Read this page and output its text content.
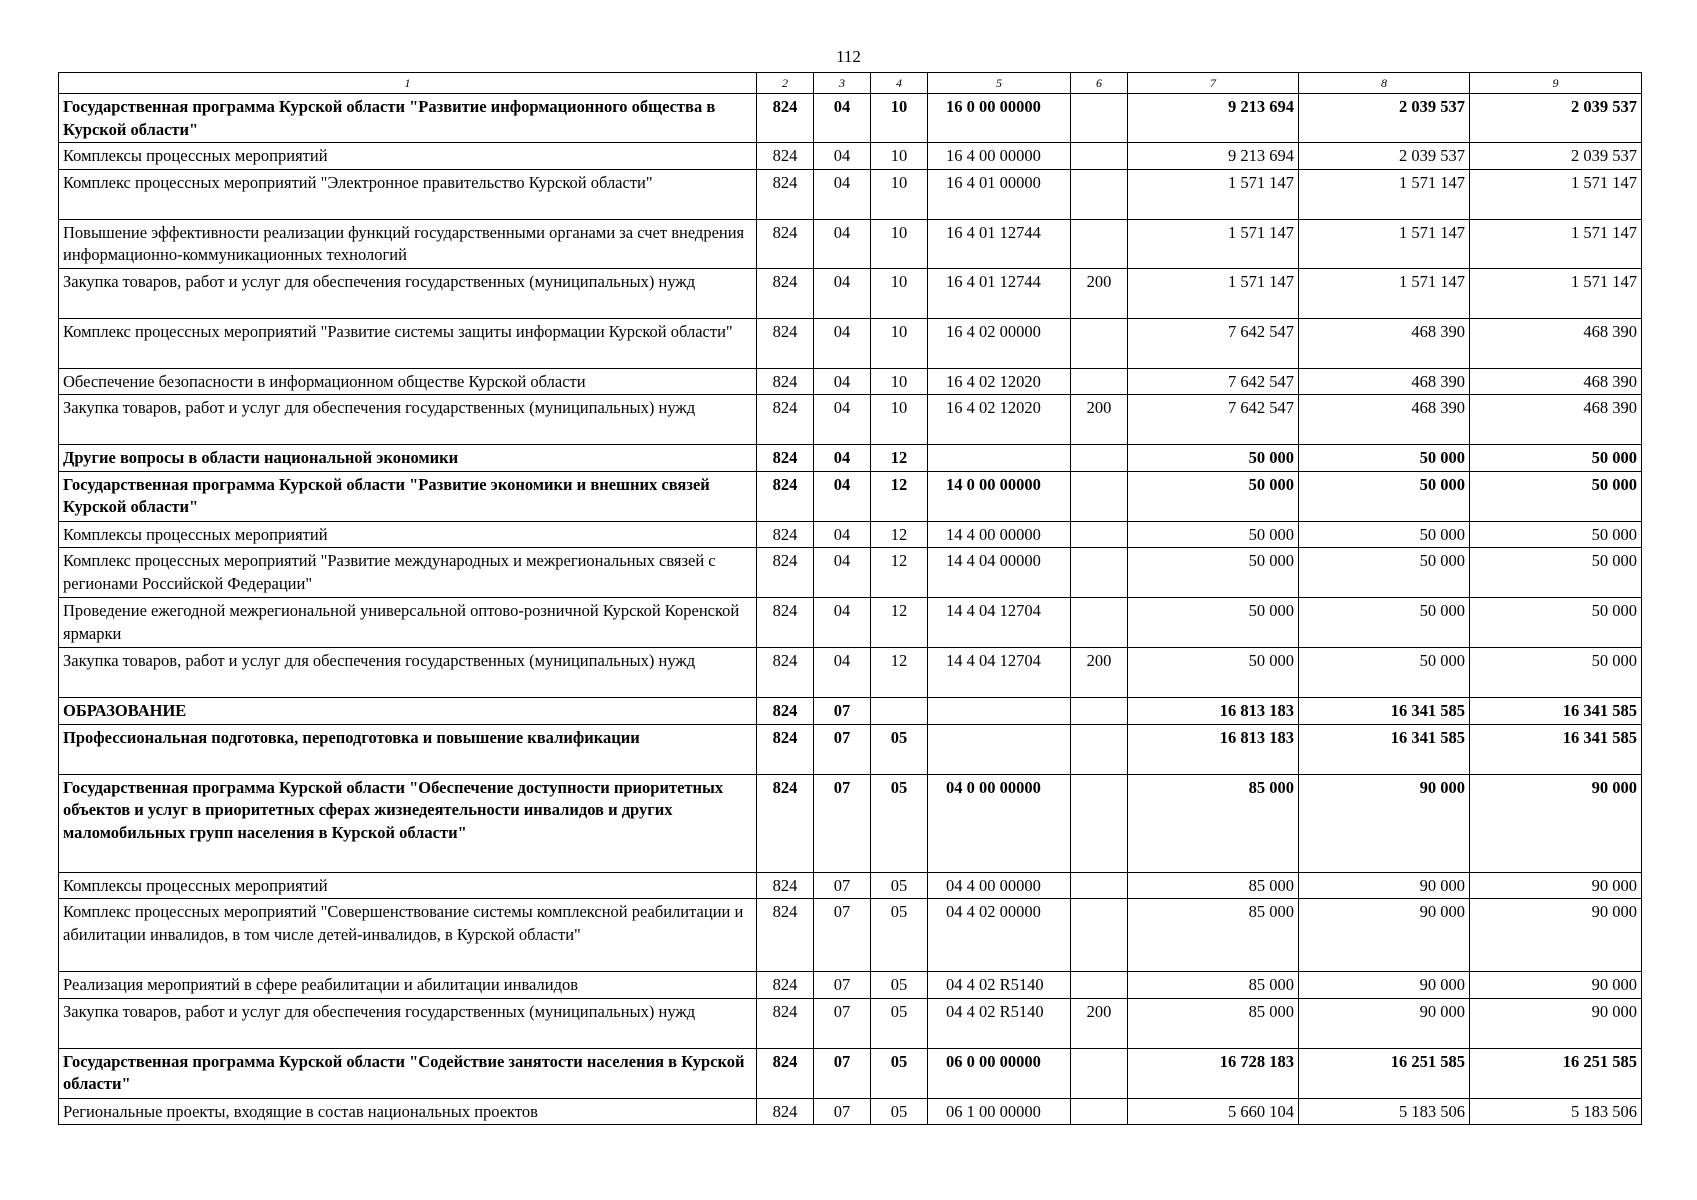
112
1	2	3	4	5	6	7	8	9
Государственная программа Курской области "Развитие информационного общества в Курской области"	824	04	10	16 0 00 00000		9 213 694	2 039 537	2 039 537
Комплексы процессных мероприятий	824	04	10	16 4 00 00000		9 213 694	2 039 537	2 039 537
Комплекс процессных мероприятий "Электронное правительство Курской области"	824	04	10	16 4 01 00000		1 571 147	1 571 147	1 571 147
Повышение эффективности реализации функций государственными органами за счет внедрения информационно-коммуникационных технологий	824	04	10	16 4 01 12744		1 571 147	1 571 147	1 571 147
Закупка товаров, работ и услуг для обеспечения государственных (муниципальных) нужд	824	04	10	16 4 01 12744	200	1 571 147	1 571 147	1 571 147
Комплекс процессных мероприятий "Развитие системы защиты информации Курской области"	824	04	10	16 4 02 00000		7 642 547	468 390	468 390
Обеспечение безопасности в информационном обществе Курской области	824	04	10	16 4 02 12020		7 642 547	468 390	468 390
Закупка товаров, работ и услуг для обеспечения государственных (муниципальных) нужд	824	04	10	16 4 02 12020	200	7 642 547	468 390	468 390
Другие вопросы в области национальной экономики	824	04	12			50 000	50 000	50 000
Государственная программа Курской области "Развитие экономики и внешних связей Курской области"	824	04	12	14 0 00 00000		50 000	50 000	50 000
Комплексы процессных мероприятий	824	04	12	14 4 00 00000		50 000	50 000	50 000
Комплекс процессных мероприятий "Развитие международных и межрегиональных связей с регионами Российской Федерации"	824	04	12	14 4 04 00000		50 000	50 000	50 000
Проведение ежегодной межрегиональной универсальной оптово-розничной Курской Коренской ярмарки	824	04	12	14 4 04 12704		50 000	50 000	50 000
Закупка товаров, работ и услуг для обеспечения государственных (муниципальных) нужд	824	04	12	14 4 04 12704	200	50 000	50 000	50 000
ОБРАЗОВАНИЕ	824	07				16 813 183	16 341 585	16 341 585
Профессиональная подготовка, переподготовка и повышение квалификации	824	07	05			16 813 183	16 341 585	16 341 585
Государственная программа Курской области "Обеспечение доступности приоритетных объектов и услуг в приоритетных сферах жизнедеятельности инвалидов и других маломобильных групп населения в Курской области"	824	07	05	04 0 00 00000		85 000	90 000	90 000
Комплексы процессных мероприятий	824	07	05	04 4 00 00000		85 000	90 000	90 000
Комплекс процессных мероприятий "Совершенствование системы комплексной реабилитации и абилитации инвалидов, в том числе детей-инвалидов, в Курской области"	824	07	05	04 4 02 00000		85 000	90 000	90 000
Реализация мероприятий в сфере реабилитации и абилитации инвалидов	824	07	05	04 4 02 R5140		85 000	90 000	90 000
Закупка товаров, работ и услуг для обеспечения государственных (муниципальных) нужд	824	07	05	04 4 02 R5140	200	85 000	90 000	90 000
Государственная программа Курской области "Содействие занятости населения в Курской области"	824	07	05	06 0 00 00000		16 728 183	16 251 585	16 251 585
Региональные проекты, входящие в состав национальных проектов	824	07	05	06 1 00 00000		5 660 104	5 183 506	5 183 506
